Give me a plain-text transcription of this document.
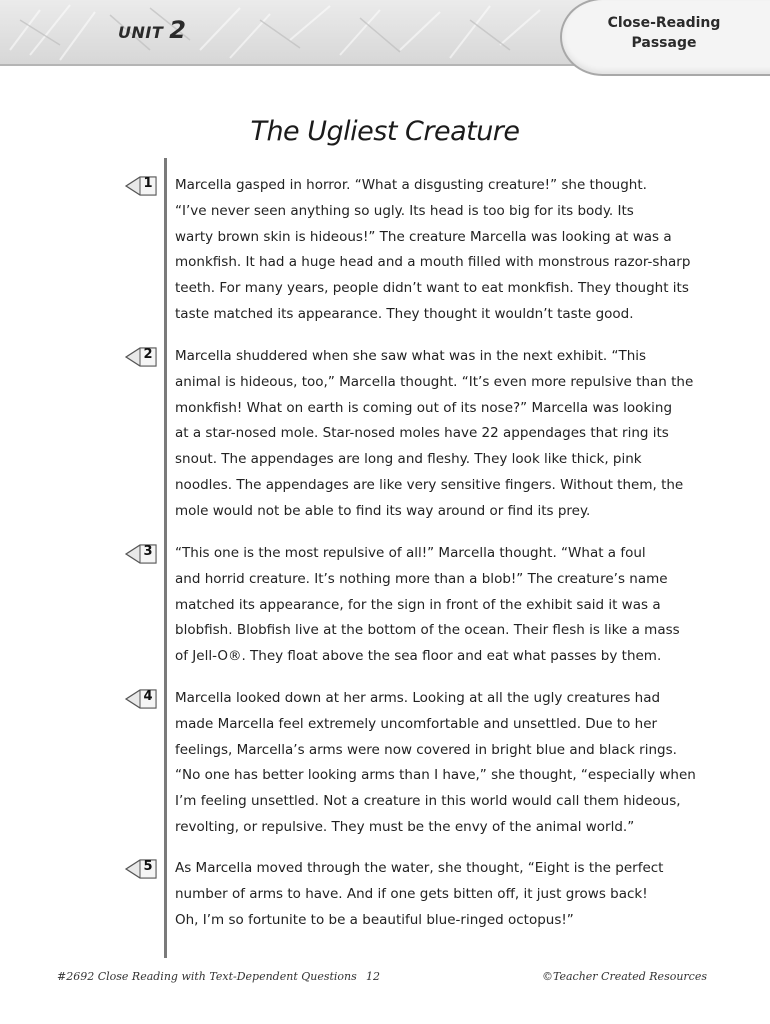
UNIT 2	Close-Reading
Passage
The Ugliest Creature
1
2
3
4
5

Marcella gasped in horror. “What a disgusting creature!” she thought.
“I’ve never seen anything so ugly. Its head is too big for its body. Its
warty brown skin is hideous!” The creature Marcella was looking at was a
monkfish. It had a huge head and a mouth filled with monstrous razor-sharp
teeth. For many years, people didn’t want to eat monkfish. They thought its
taste matched its appearance. They thought it wouldn’t taste good.

Marcella shuddered when she saw what was in the next exhibit. “This
animal is hideous, too,” Marcella thought. “It’s even more repulsive than the
monkfish! What on earth is coming out of its nose?” Marcella was looking
at a star-nosed mole. Star-nosed moles have 22 appendages that ring its
snout. The appendages are long and fleshy. They look like thick, pink
noodles. The appendages are like very sensitive fingers. Without them, the
mole would not be able to find its way around or find its prey.

“This one is the most repulsive of all!” Marcella thought. “What a foul
and horrid creature. It’s nothing more than a blob!” The creature’s name
matched its appearance, for the sign in front of the exhibit said it was a
blobfish. Blobfish live at the bottom of the ocean. Their flesh is like a mass
of Jell-O®. They float above the sea floor and eat what passes by them.

Marcella looked down at her arms. Looking at all the ugly creatures had
made Marcella feel extremely uncomfortable and unsettled. Due to her
feelings, Marcella’s arms were now covered in bright blue and black rings.
“No one has better looking arms than I have,” she thought, “especially when
I’m feeling unsettled. Not a creature in this world would call them hideous,
revolting, or repulsive. They must be the envy of the animal world.”

As Marcella moved through the water, she thought, “Eight is the perfect
number of arms to have. And if one gets bitten off, it just grows back!
Oh, I’m so fortunite to be a beautiful blue-ringed octopus!”

#2692 Close Reading with Text-Dependent Questions 12	©Teacher Created Resources
